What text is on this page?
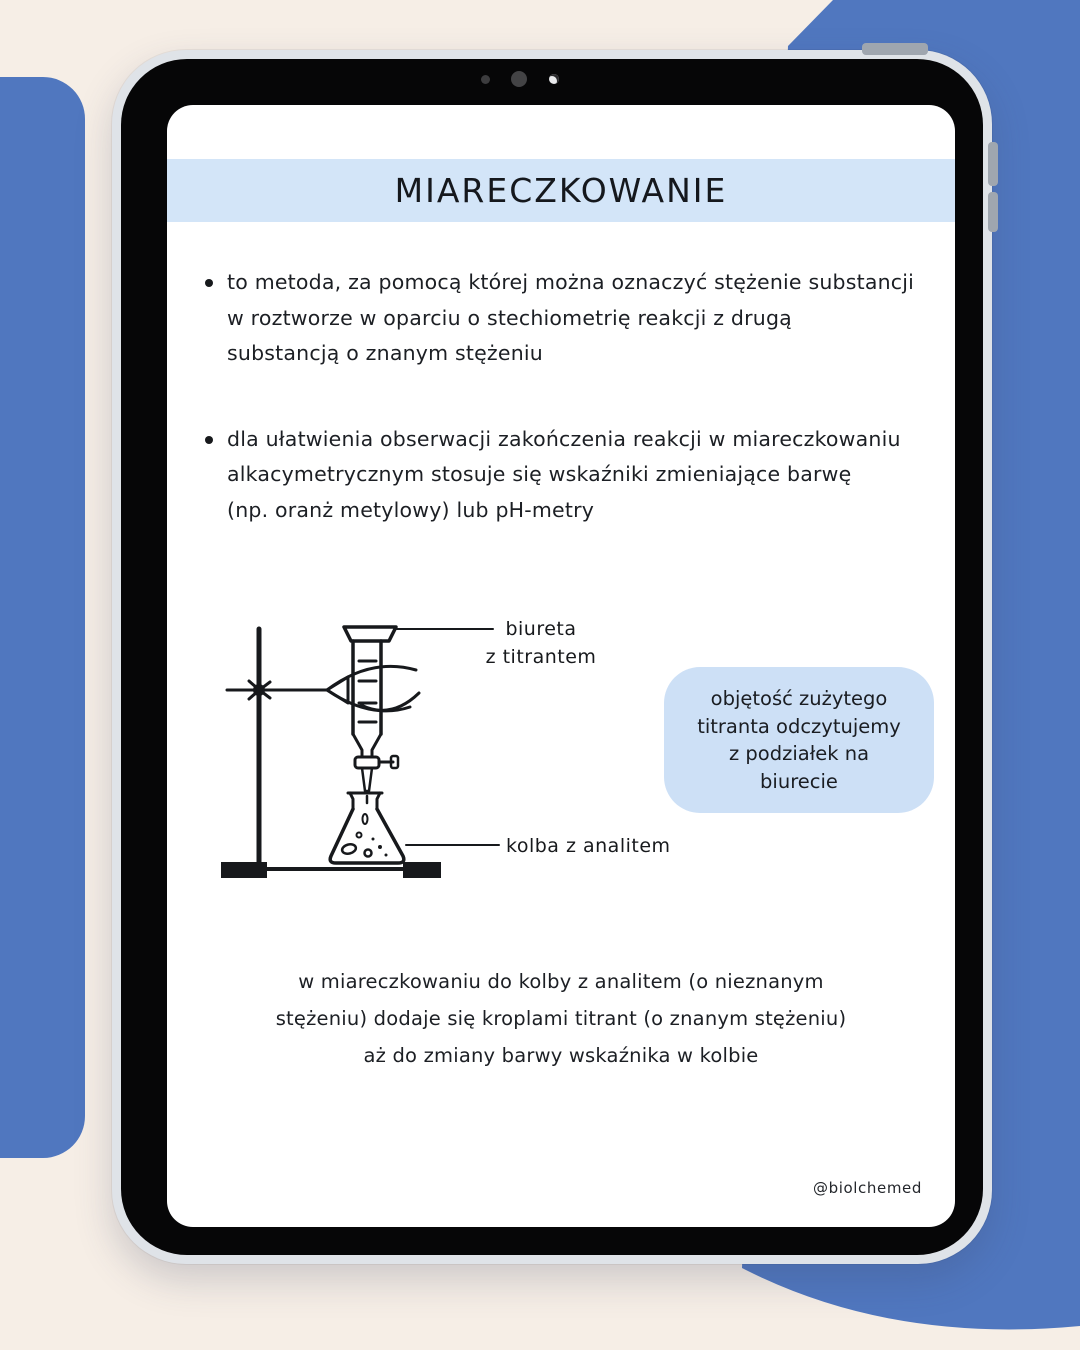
MIARECZKOWANIE
to metoda, za pomocą której można oznaczyć stężenie substancji
w roztworze w oparciu o stechiometrię reakcji z drugą
substancją o znanym stężeniu
dla ułatwienia obserwacji zakończenia reakcji w miareczkowaniu
alkacymetrycznym stosuje się wskaźniki zmieniające barwę
(np. oranż metylowy) lub pH-metry
biureta
z titrantem
kolba z analitem
objętość zużytego
titranta odczytujemy
z podziałek na
biurecie
w miareczkowaniu do kolby z analitem (o nieznanym
stężeniu) dodaje się kroplami titrant (o znanym stężeniu)
aż do zmiany barwy wskaźnika w kolbie
@biolchemed
